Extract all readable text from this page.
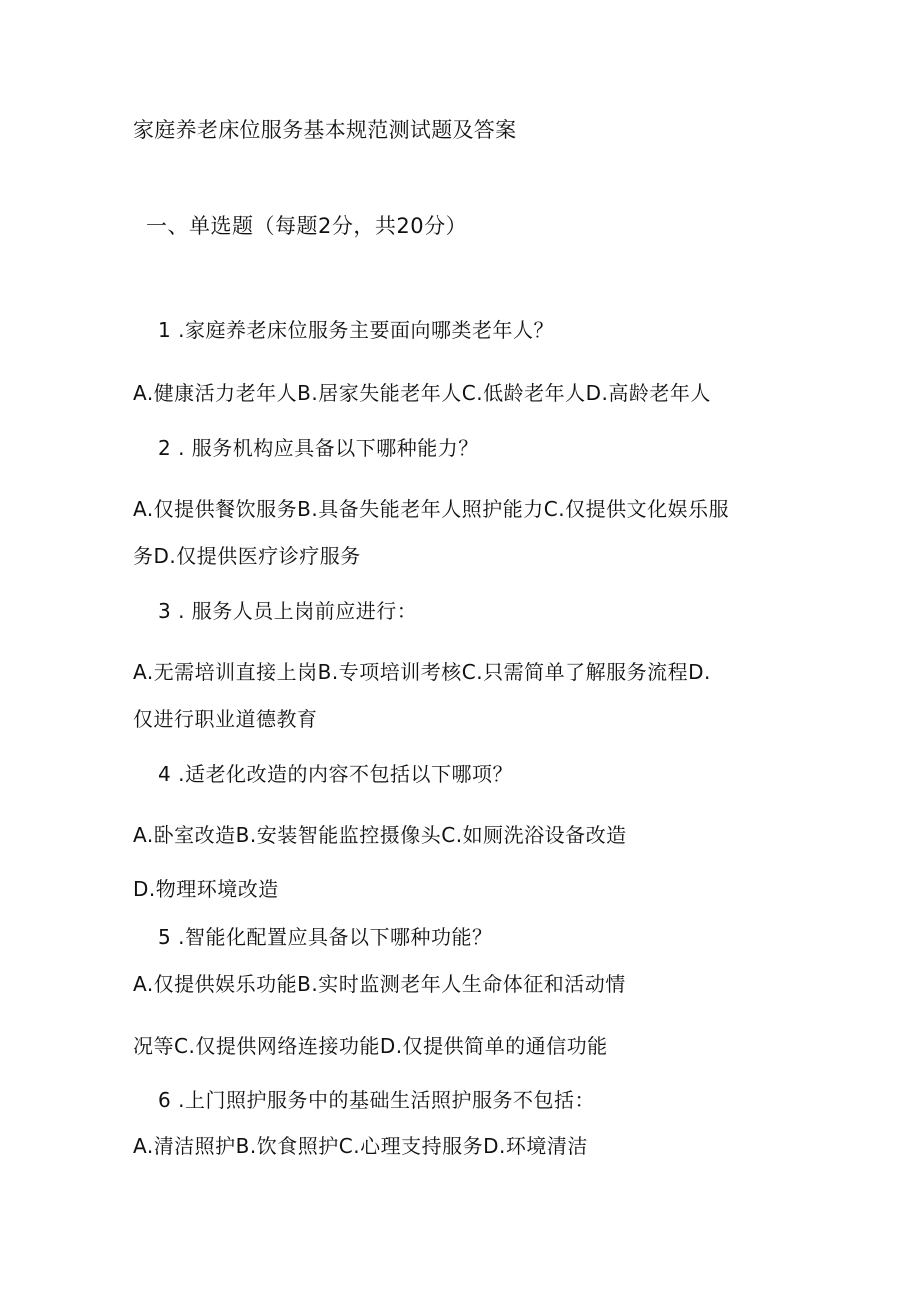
家庭养老床位服务基本规范测试题及答案
一、单选题（每题2分，共20分）
1 .家庭养老床位服务主要面向哪类老年人？
A.健康活力老年人B.居家失能老年人C.低龄老年人D.高龄老年人
2 . 服务机构应具备以下哪种能力？
A.仅提供餐饮服务B.具备失能老年人照护能力C.仅提供文化娱乐服
务D.仅提供医疗诊疗服务
3 . 服务人员上岗前应进行：
A.无需培训直接上岗B.专项培训考核C.只需简单了解服务流程D.
仅进行职业道德教育
4 .适老化改造的内容不包括以下哪项？
A.卧室改造B.安装智能监控摄像头C.如厕洗浴设备改造
D.物理环境改造
5 .智能化配置应具备以下哪种功能？
A.仅提供娱乐功能B.实时监测老年人生命体征和活动情
况等C.仅提供网络连接功能D.仅提供简单的通信功能
6 .上门照护服务中的基础生活照护服务不包括：
A.清洁照护B.饮食照护C.心理支持服务D.环境清洁
